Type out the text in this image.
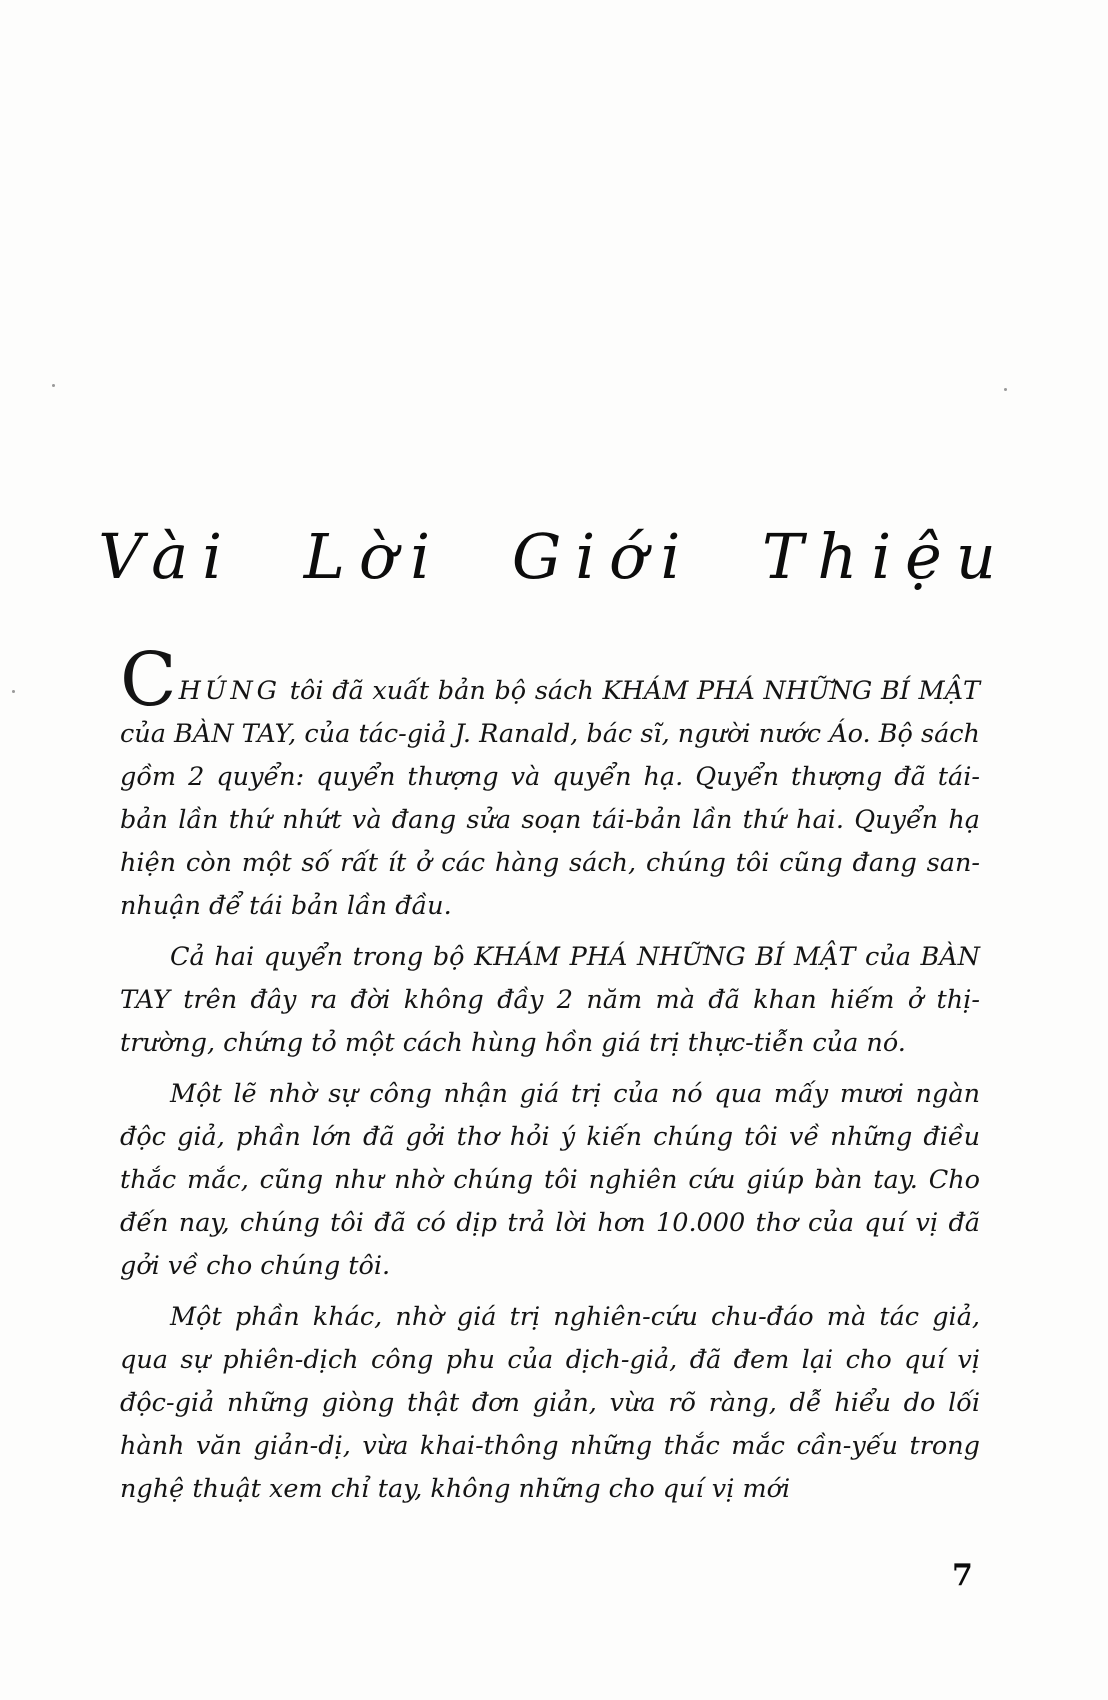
Vài Lời Giới Thiệu

CHÚNG tôi đã xuất bản bộ sách KHÁM PHÁ NHỮNG BÍ MẬT của BÀN TAY, của tác-giả J. Ranald, bác sĩ, người nước Áo. Bộ sách gồm 2 quyển: quyển thượng và quyển hạ. Quyển thượng đã tái-bản lần thứ nhứt và đang sửa soạn tái-bản lần thứ hai. Quyển hạ hiện còn một số rất ít ở các hàng sách, chúng tôi cũng đang san-nhuận để tái bản lần đầu.

Cả hai quyển trong bộ KHÁM PHÁ NHỮNG BÍ MẬT của BÀN TAY trên đây ra đời không đầy 2 năm mà đã khan hiếm ở thị-trường, chứng tỏ một cách hùng hồn giá trị thực-tiễn của nó.

Một lẽ nhờ sự công nhận giá trị của nó qua mấy mươi ngàn độc giả, phần lớn đã gởi thơ hỏi ý kiến chúng tôi về những điều thắc mắc, cũng như nhờ chúng tôi nghiên cứu giúp bàn tay. Cho đến nay, chúng tôi đã có dịp trả lời hơn 10.000 thơ của quí vị đã gởi về cho chúng tôi.

Một phần khác, nhờ giá trị nghiên-cứu chu-đáo mà tác giả, qua sự phiên-dịch công phu của dịch-giả, đã đem lại cho quí vị độc-giả những giòng thật đơn giản, vừa rõ ràng, dễ hiểu do lối hành văn giản-dị, vừa khai-thông những thắc mắc cần-yếu trong nghệ thuật xem chỉ tay, không những cho quí vị mới

7
